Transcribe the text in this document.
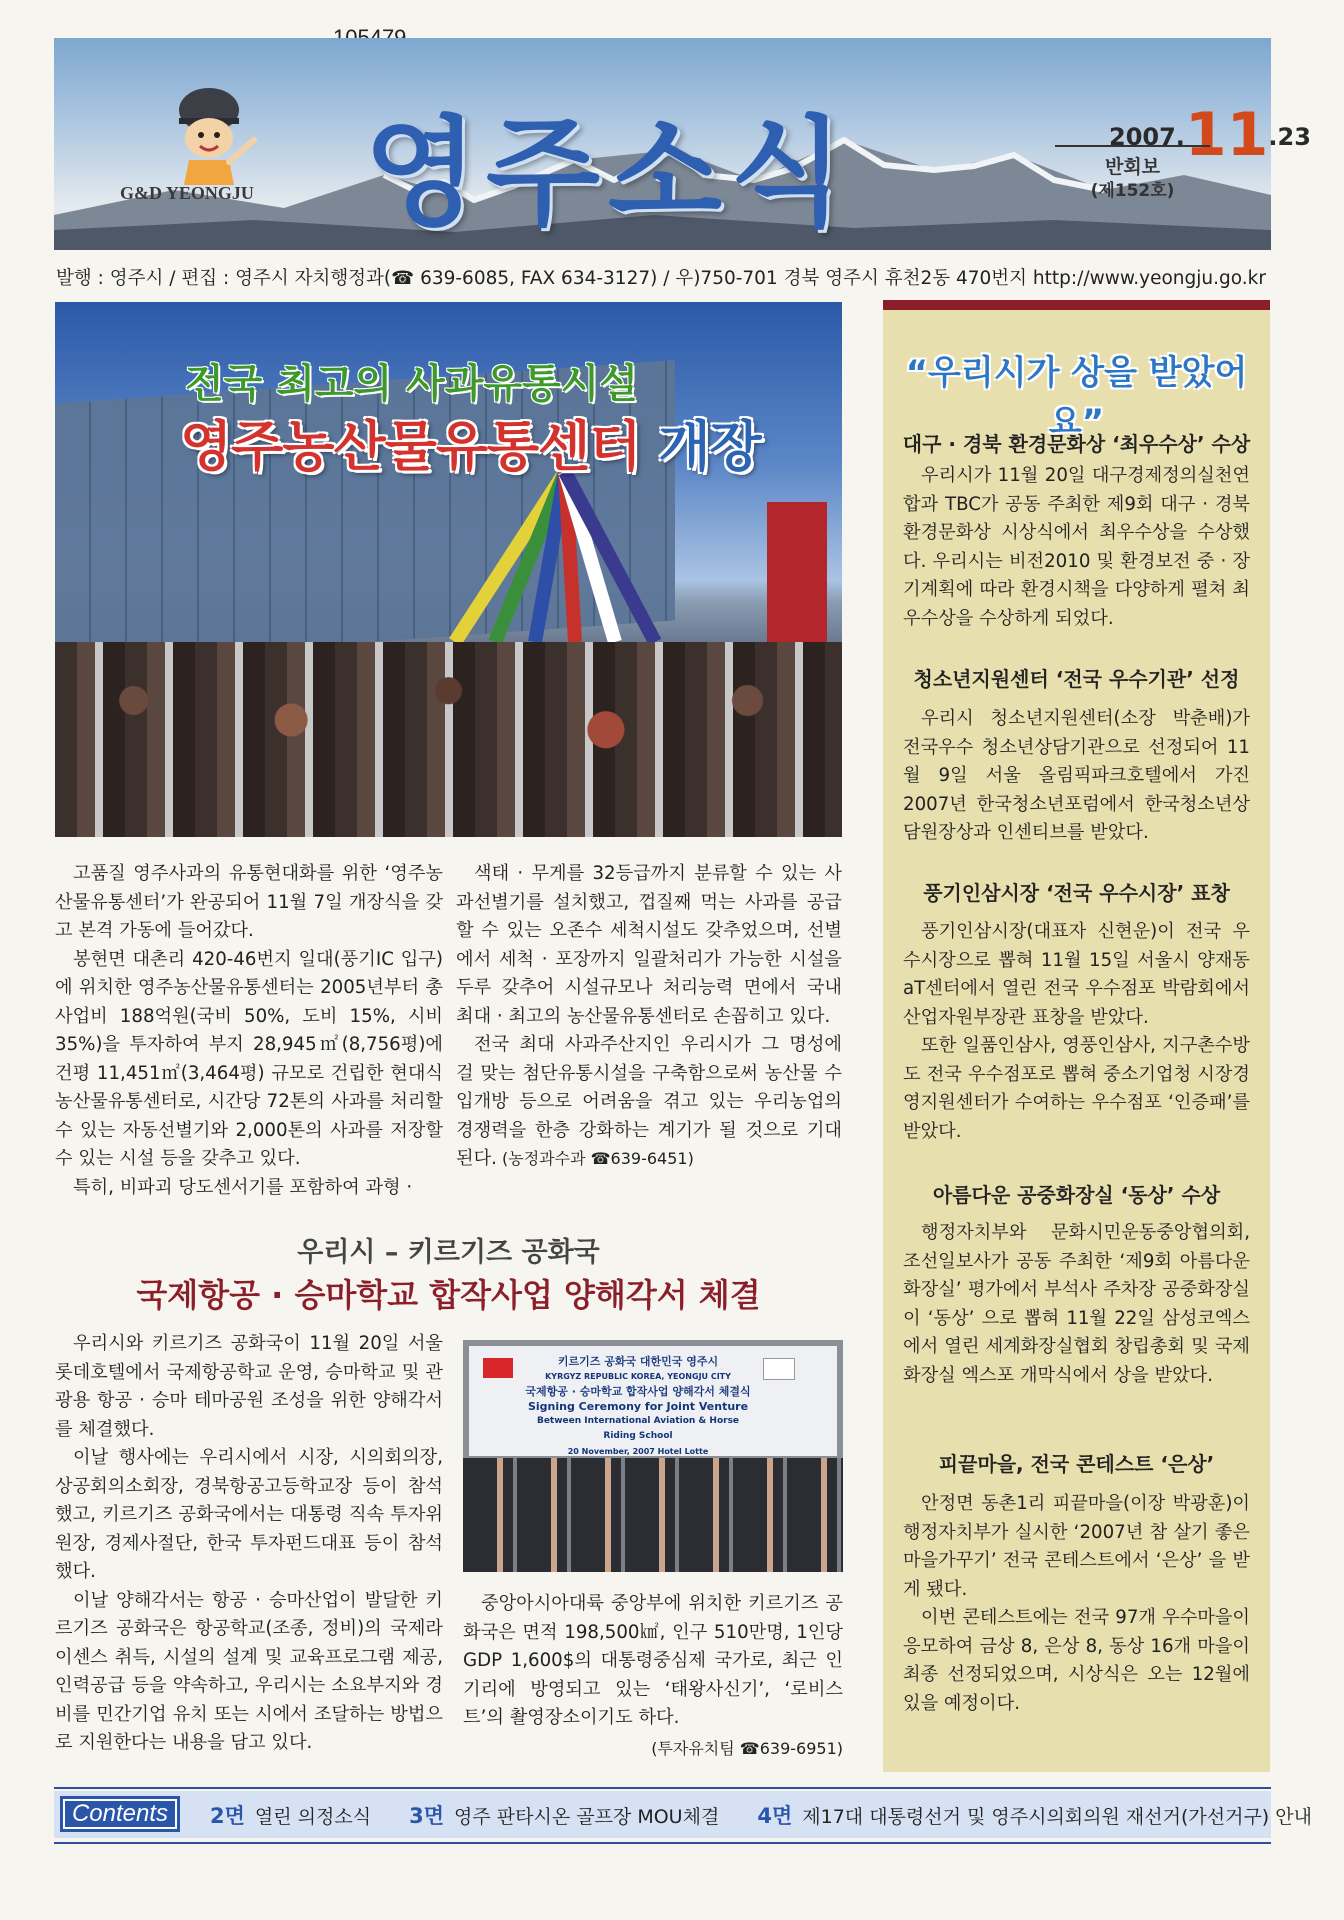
G&D YEONGJU 영주소식	2007.11.23
반회보
(제152호)
발행 : 영주시 / 편집 : 영주시 자치행정과(☎ 639-6085, FAX 634-3127) / 우)750-701 경북 영주시 휴천2동 470번지 http://www.yeongju.go.kr
전국 최고의 사과유통시설
영주농산물유통센터 개장

고품질 영주사과의 유통현대화를 위한 ‘영주농산물유통센터’가 완공되어 11월 7일 개장식을 갖고 본격 가동에 들어갔다.

봉현면 대촌리 420-46번지 일대(풍기IC 입구)에 위치한 영주농산물유통센터는 2005년부터 총사업비 188억원(국비 50%, 도비 15%, 시비 35%)을 투자하여 부지 28,945㎡(8,756평)에 건평 11,451㎡(3,464평) 규모로 건립한 현대식 농산물유통센터로, 시간당 72톤의 사과를 처리할 수 있는 자동선별기와 2,000톤의 사과를 저장할 수 있는 시설 등을 갖추고 있다.

특히, 비파괴 당도센서기를 포함하여 과형 ·

색태 · 무게를 32등급까지 분류할 수 있는 사과선별기를 설치했고, 껍질째 먹는 사과를 공급할 수 있는 오존수 세척시설도 갖추었으며, 선별에서 세척 · 포장까지 일괄처리가 가능한 시설을 두루 갖추어 시설규모나 처리능력 면에서 국내 최대 · 최고의 농산물유통센터로 손꼽히고 있다.

전국 최대 사과주산지인 우리시가 그 명성에 걸 맞는 첨단유통시설을 구축함으로써 농산물 수입개방 등으로 어려움을 겪고 있는 우리농업의 경쟁력을 한층 강화하는 계기가 될 것으로 기대된다. (농정과수과 ☎639-6451)

우리시 – 키르기즈 공화국
국제항공 · 승마학교 합작사업 양해각서 체결

우리시와 키르기즈 공화국이 11월 20일 서울 롯데호텔에서 국제항공학교 운영, 승마학교 및 관광용 항공 · 승마 테마공원 조성을 위한 양해각서를 체결했다.

이날 행사에는 우리시에서 시장, 시의회의장, 상공회의소회장, 경북항공고등학교장 등이 참석했고, 키르기즈 공화국에서는 대통령 직속 투자위원장, 경제사절단, 한국 투자펀드대표 등이 참석했다.

이날 양해각서는 항공 · 승마산업이 발달한 키르기즈 공화국은 항공학교(조종, 정비)의 국제라이센스 취득, 시설의 설계 및 교육프로그램 제공, 인력공급 등을 약속하고, 우리시는 소요부지와 경비를 민간기업 유치 또는 시에서 조달하는 방법으로 지원한다는 내용을 담고 있다.

키르기즈 공화국 대한민국 영주시
KYRGYZ REPUBLIC KOREA, YEONGJU CITY
국제항공 · 승마학교 합작사업 양해각서 체결식
Signing Ceremony for Joint Venture
Between International Aviation & Horse Riding School
20 November, 2007 Hotel Lotte

중앙아시아대륙 중앙부에 위치한 키르기즈 공화국은 면적 198,500㎢, 인구 510만명, 1인당 GDP 1,600$의 대통령중심제 국가로, 최근 인기리에 방영되고 있는 ‘태왕사신기’, ‘로비스트’의 촬영장소이기도 하다.

(투자유치팀 ☎639-6951)
“우리시가 상을 받았어요”
대구 · 경북 환경문화상 ‘최우수상’ 수상

우리시가 11월 20일 대구경제정의실천연합과 TBC가 공동 주최한 제9회 대구 · 경북환경문화상 시상식에서 최우수상을 수상했다. 우리시는 비전2010 및 환경보전 중 · 장기계획에 따라 환경시책을 다양하게 펼쳐 최우수상을 수상하게 되었다.

청소년지원센터 ‘전국 우수기관’ 선정

우리시 청소년지원센터(소장 박춘배)가 전국우수 청소년상담기관으로 선정되어 11월 9일 서울 올림픽파크호텔에서 가진 2007년 한국청소년포럼에서 한국청소년상담원장상과 인센티브를 받았다.

풍기인삼시장 ‘전국 우수시장’ 표창

풍기인삼시장(대표자 신현운)이 전국 우수시장으로 뽑혀 11월 15일 서울시 양재동 aT센터에서 열린 전국 우수점포 박람회에서 산업자원부장관 표창을 받았다.

또한 일품인삼사, 영풍인삼사, 지구촌수방도 전국 우수점포로 뽑혀 중소기업청 시장경영지원센터가 수여하는 우수점포 ‘인증패’를 받았다.

아름다운 공중화장실 ‘동상’ 수상

행정자치부와 문화시민운동중앙협의회, 조선일보사가 공동 주최한 ‘제9회 아름다운 화장실’ 평가에서 부석사 주차장 공중화장실이 ‘동상’ 으로 뽑혀 11월 22일 삼성코엑스에서 열린 세계화장실협회 창립총회 및 국제화장실 엑스포 개막식에서 상을 받았다.

피끝마을, 전국 콘테스트 ‘은상’

안정면 동촌1리 피끝마을(이장 박광훈)이 행정자치부가 실시한 ‘2007년 참 살기 좋은 마을가꾸기’ 전국 콘테스트에서 ‘은상’ 을 받게 됐다.

이번 콘테스트에는 전국 97개 우수마을이 응모하여 금상 8, 은상 8, 동상 16개 마을이 최종 선정되었으며, 시상식은 오는 12월에 있을 예정이다.

Contents	2면 열린 의정소식 3면 영주 판타시온 골프장 MOU체결 4면 제17대 대통령선거 및 영주시의회의원 재선거(가선거구) 안내
